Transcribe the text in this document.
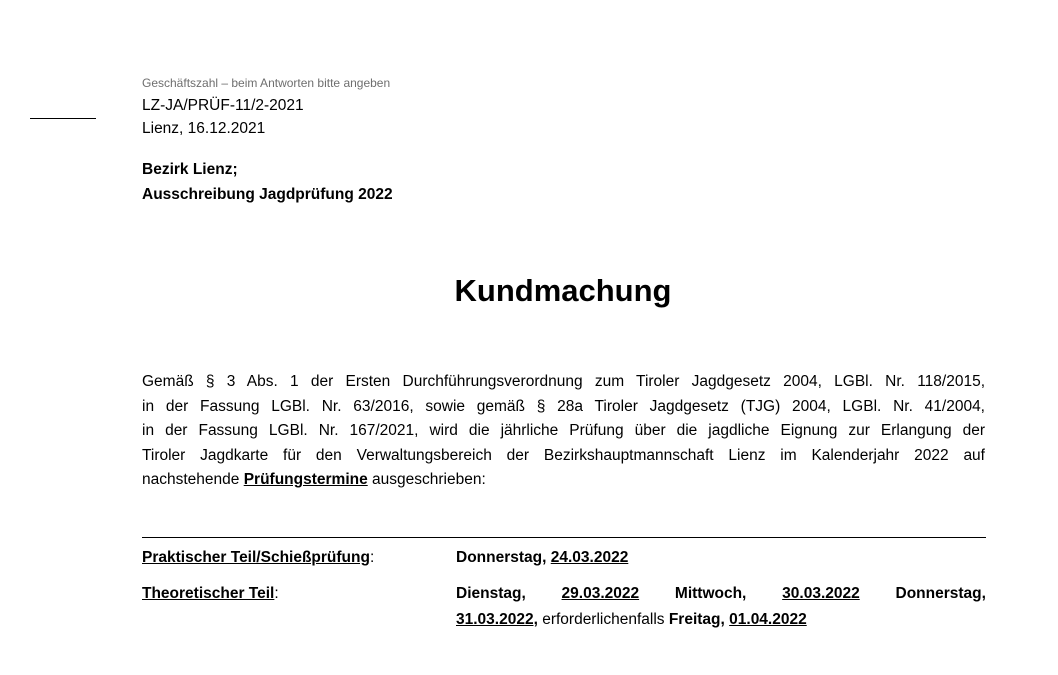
Geschäftszahl – beim Antworten bitte angeben
LZ-JA/PRÜF-11/2-2021
Lienz, 16.12.2021
Bezirk Lienz;
Ausschreibung Jagdprüfung 2022
Kundmachung
Gemäß § 3 Abs. 1 der Ersten Durchführungsverordnung zum Tiroler Jagdgesetz 2004, LGBl. Nr. 118/2015,
in der Fassung LGBl. Nr. 63/2016, sowie gemäß § 28a Tiroler Jagdgesetz (TJG) 2004, LGBl. Nr. 41/2004,
in der Fassung LGBl. Nr. 167/2021, wird die jährliche Prüfung über die jagdliche Eignung zur Erlangung der
Tiroler Jagdkarte für den Verwaltungsbereich der Bezirkshauptmannschaft Lienz im Kalenderjahr 2022 auf
nachstehende Prüfungstermine ausgeschrieben:
Praktischer Teil/Schießprüfung:	Donnerstag, 24.03.2022
Theoretischer Teil:	Dienstag, 29.03.2022 Mittwoch, 30.03.2022 Donnerstag,
31.03.2022, erforderlichenfalls Freitag, 01.04.2022
